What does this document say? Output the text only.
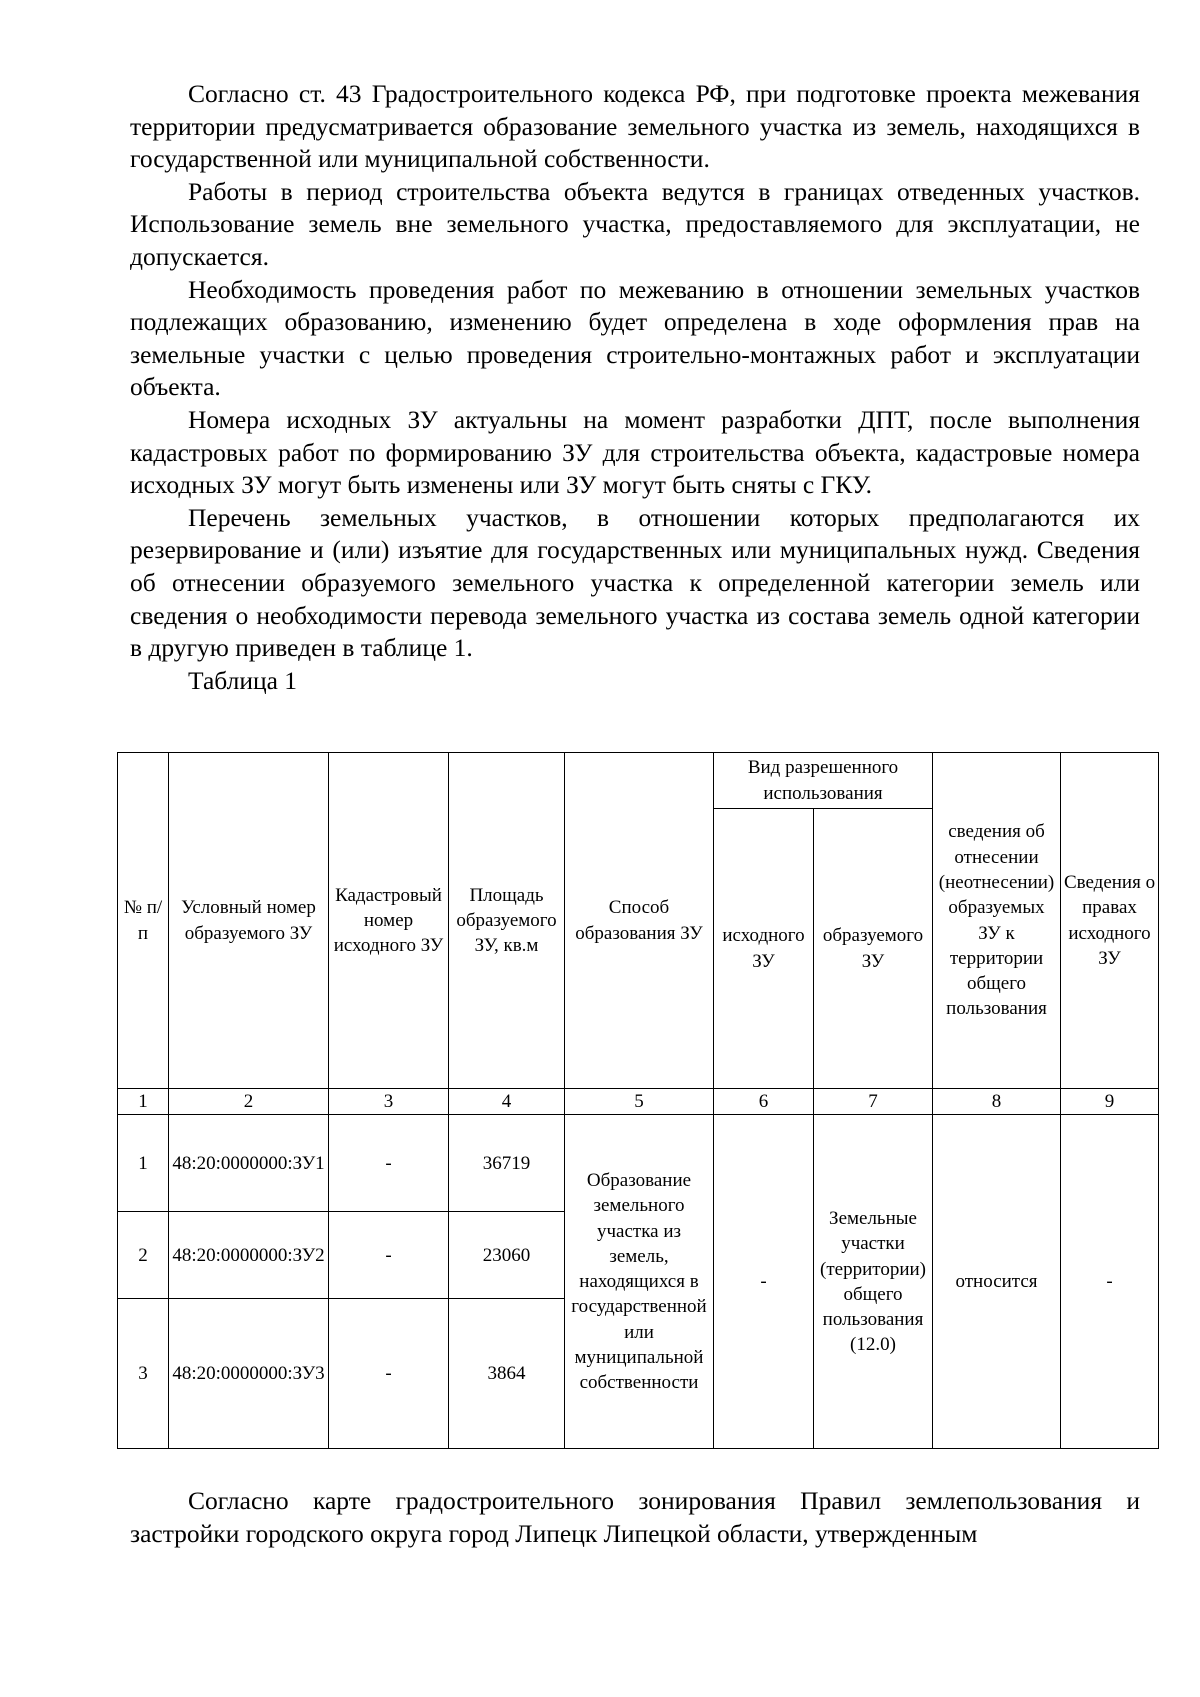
Согласно ст. 43 Градостроительного кодекса РФ, при подготовке проекта межевания территории предусматривается образование земельного участка из земель, находящихся в государственной или муниципальной собственности.

Работы в период строительства объекта ведутся в границах отведенных участков. Использование земель вне земельного участка, предоставляемого для эксплуатации, не допускается.

Необходимость проведения работ по межеванию в отношении земельных участков подлежащих образованию, изменению будет определена в ходе оформления прав на земельные участки с целью проведения строительно-монтажных работ и эксплуатации объекта.

Номера исходных ЗУ актуальны на момент разработки ДПТ, после выполнения кадастровых работ по формированию ЗУ для строительства объекта, кадастровые номера исходных ЗУ могут быть изменены или ЗУ могут быть сняты с ГКУ.

Перечень земельных участков, в отношении которых предполагаются их резервирование и (или) изъятие для государственных или муниципальных нужд. Сведения об отнесении образуемого земельного участка к определенной категории земель или сведения о необходимости перевода земельного участка из состава земель одной категории в другую приведен в таблице 1.

Таблица 1

№ п/п	Условный номер образуемого ЗУ	Кадастровый номер исходного ЗУ	Площадь образуемого ЗУ, кв.м	Способ образования ЗУ	Вид разрешенного использования		сведения об отнесении (неотнесении) образуемых ЗУ к территории общего пользования	Сведения о правах исходного ЗУ
					исходного ЗУ	образуемого ЗУ		
1	2	3	4	5	6	7	8	9
1	48:20:0000000:ЗУ1	-	36719	Образование земельного участка из земель, находящихся в государственной или муниципальной собственности	-	Земельные участки (территории) общего пользования (12.0)	относится	-
2	48:20:0000000:ЗУ2	-	23060					
3	48:20:0000000:ЗУ3	-	3864					

Согласно карте градостроительного зонирования Правил землепользования и застройки городского округа город Липецк Липецкой области, утвержденным
